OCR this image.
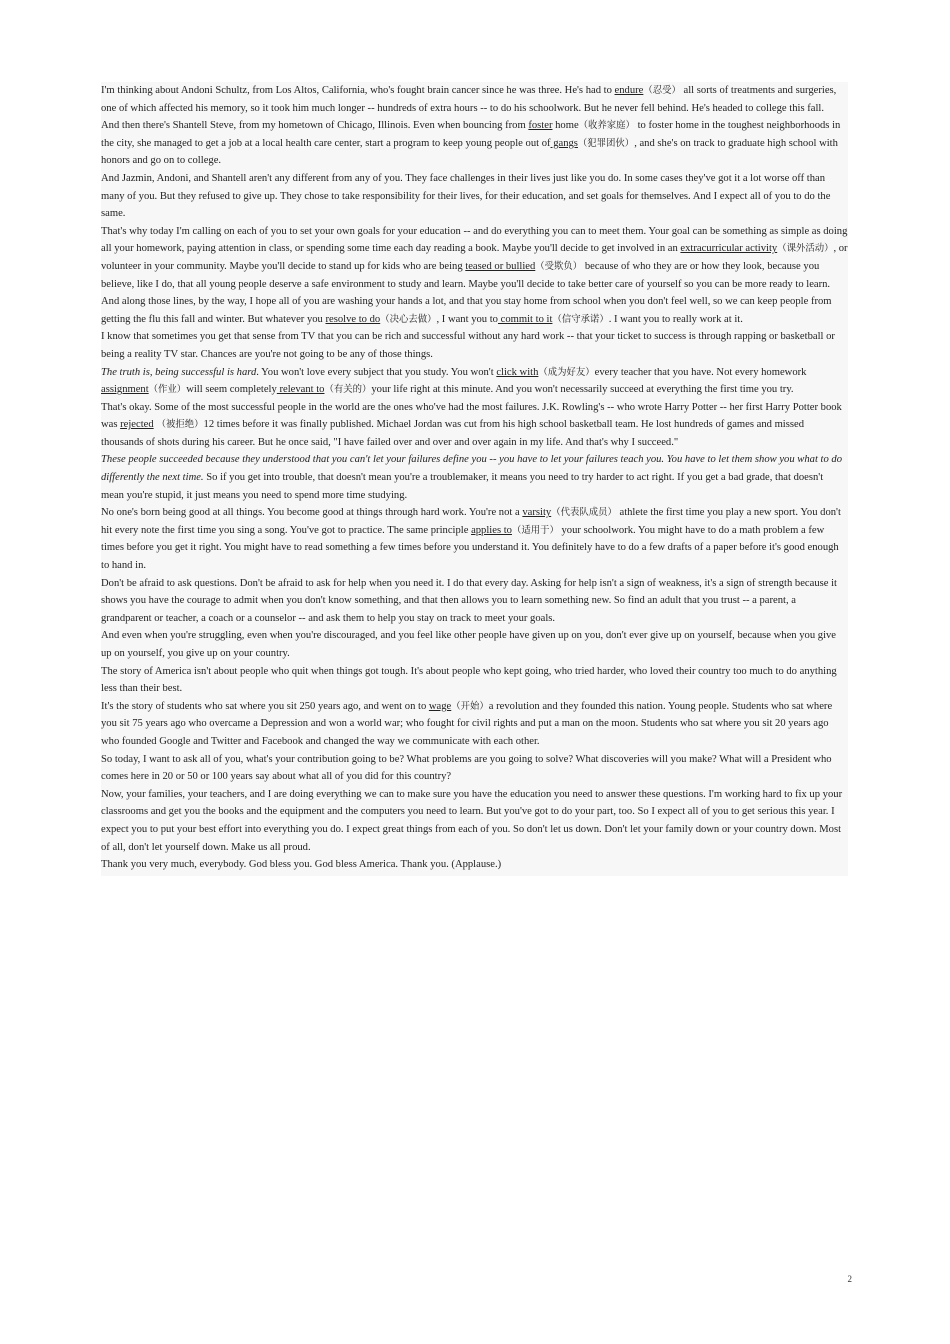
I'm thinking about Andoni Schultz, from Los Altos, California, who's fought brain cancer since he was three. He's had to endure（忍受） all sorts of treatments and surgeries, one of which affected his memory, so it took him much longer -- hundreds of extra hours -- to do his schoolwork. But he never fell behind. He's headed to college this fall.

And then there's Shantell Steve, from my hometown of Chicago, Illinois. Even when bouncing from foster home（收养家庭） to foster home in the toughest neighborhoods in the city, she managed to get a job at a local health care center, start a program to keep young people out of gangs（犯罪团伙）, and she's on track to graduate high school with honors and go on to college.

And Jazmin, Andoni, and Shantell aren't any different from any of you. They face challenges in their lives just like you do. In some cases they've got it a lot worse off than many of you. But they refused to give up. They chose to take responsibility for their lives, for their education, and set goals for themselves. And I expect all of you to do the same.

That's why today I'm calling on each of you to set your own goals for your education -- and do everything you can to meet them. Your goal can be something as simple as doing all your homework, paying attention in class, or spending some time each day reading a book. Maybe you'll decide to get involved in an extracurricular activity（课外活动）, or volunteer in your community. Maybe you'll decide to stand up for kids who are being teased or bullied（受欺负） because of who they are or how they look, because you believe, like I do, that all young people deserve a safe environment to study and learn. Maybe you'll decide to take better care of yourself so you can be more ready to learn. And along those lines, by the way, I hope all of you are washing your hands a lot, and that you stay home from school when you don't feel well, so we can keep people from getting the flu this fall and winter. But whatever you resolve to do（决心去做）, I want you to commit to it（信守承诺）. I want you to really work at it.

I know that sometimes you get that sense from TV that you can be rich and successful without any hard work -- that your ticket to success is through rapping or basketball or being a reality TV star. Chances are you're not going to be any of those things.

The truth is, being successful is hard. You won't love every subject that you study. You won't click with（成为好友）every teacher that you have. Not every homework assignment（作业）will seem completely relevant to（有关的）your life right at this minute. And you won't necessarily succeed at everything the first time you try.

That's okay. Some of the most successful people in the world are the ones who've had the most failures. J.K. Rowling's -- who wrote Harry Potter -- her first Harry Potter book was rejected （被拒绝）12 times before it was finally published. Michael Jordan was cut from his high school basketball team. He lost hundreds of games and missed thousands of shots during his career. But he once said, "I have failed over and over and over again in my life. And that's why I succeed."

These people succeeded because they understood that you can't let your failures define you -- you have to let your failures teach you. You have to let them show you what to do differently the next time. So if you get into trouble, that doesn't mean you're a troublemaker, it means you need to try harder to act right. If you get a bad grade, that doesn't mean you're stupid, it just means you need to spend more time studying.

No one's born being good at all things. You become good at things through hard work. You're not a varsity（代表队成员） athlete the first time you play a new sport. You don't hit every note the first time you sing a song. You've got to practice. The same principle applies to（适用于） your schoolwork. You might have to do a math problem a few times before you get it right. You might have to read something a few times before you understand it. You definitely have to do a few drafts of a paper before it's good enough to hand in.

Don't be afraid to ask questions. Don't be afraid to ask for help when you need it. I do that every day. Asking for help isn't a sign of weakness, it's a sign of strength because it shows you have the courage to admit when you don't know something, and that then allows you to learn something new. So find an adult that you trust -- a parent, a grandparent or teacher, a coach or a counselor -- and ask them to help you stay on track to meet your goals.

And even when you're struggling, even when you're discouraged, and you feel like other people have given up on you, don't ever give up on yourself, because when you give up on yourself, you give up on your country.

The story of America isn't about people who quit when things got tough. It's about people who kept going, who tried harder, who loved their country too much to do anything less than their best.

It's the story of students who sat where you sit 250 years ago, and went on to wage（开始）a revolution and they founded this nation. Young people. Students who sat where you sit 75 years ago who overcame a Depression and won a world war; who fought for civil rights and put a man on the moon. Students who sat where you sit 20 years ago who founded Google and Twitter and Facebook and changed the way we communicate with each other.

So today, I want to ask all of you, what's your contribution going to be? What problems are you going to solve? What discoveries will you make? What will a President who comes here in 20 or 50 or 100 years say about what all of you did for this country?

Now, your families, your teachers, and I are doing everything we can to make sure you have the education you need to answer these questions. I'm working hard to fix up your classrooms and get you the books and the equipment and the computers you need to learn. But you've got to do your part, too. So I expect all of you to get serious this year. I expect you to put your best effort into everything you do. I expect great things from each of you. So don't let us down. Don't let your family down or your country down. Most of all, don't let yourself down. Make us all proud.

Thank you very much, everybody. God bless you. God bless America. Thank you. (Applause.)

2
